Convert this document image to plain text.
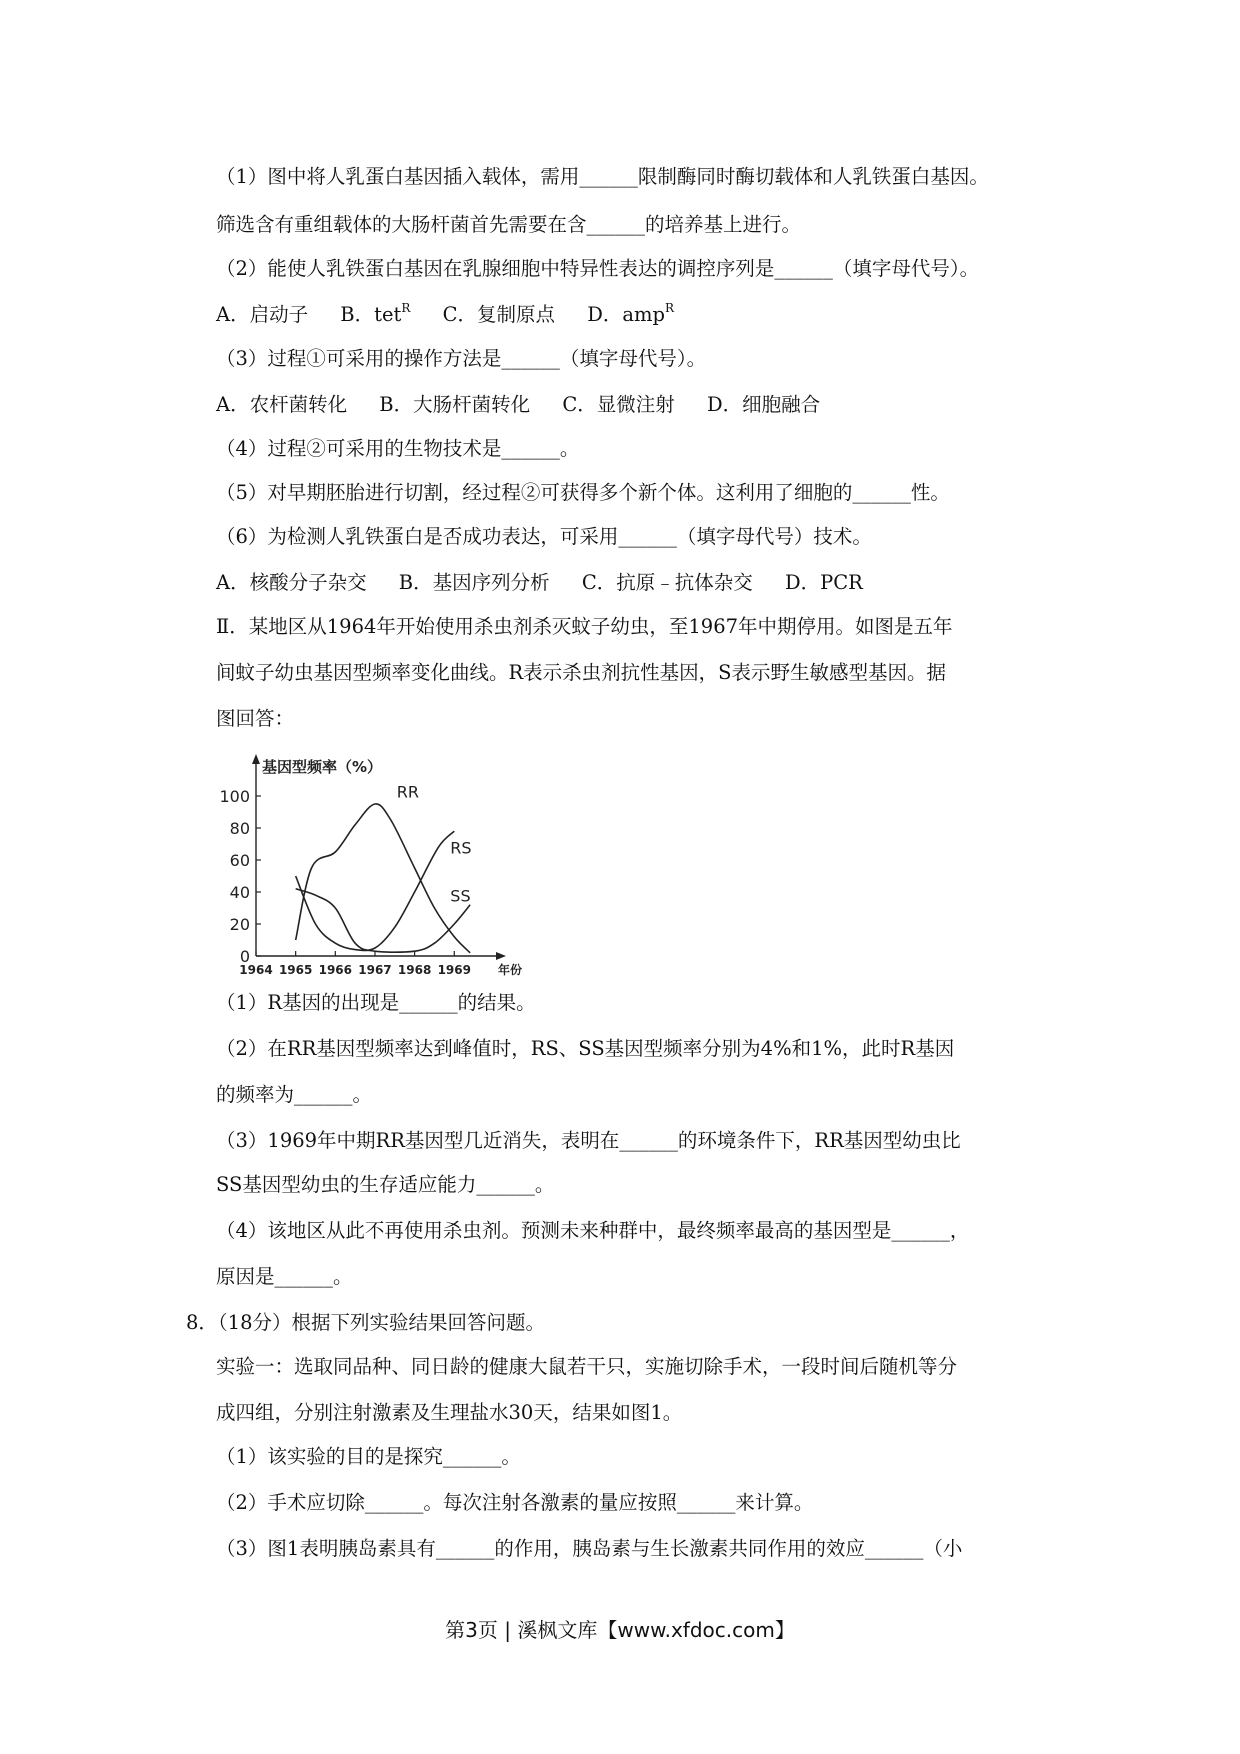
（1）图中将人乳蛋白基因插入载体，需用______限制酶同时酶切载体和人乳铁蛋白基因。
筛选含有重组载体的大肠杆菌首先需要在含______的培养基上进行。
（2）能使人乳铁蛋白基因在乳腺细胞中特异性表达的调控序列是______（填字母代号）。
A．启动子 B．tet$^R$ C．复制原点 D．amp$^R$
（3）过程①可采用的操作方法是______（填字母代号）。
A．农杆菌转化 B．大肠杆菌转化 C．显微注射 D．细胞融合
（4）过程②可采用的生物技术是______。
（5）对早期胚胎进行切割，经过程②可获得多个新个体。这利用了细胞的______性。
（6）为检测人乳铁蛋白是否成功表达，可采用______（填字母代号）技术。
A．核酸分子杂交 B．基因序列分析 C．抗原﹣抗体杂交 D．PCR
Ⅱ．某地区从1964年开始使用杀虫剂杀灭蚊子幼虫，至1967年中期停用。如图是五年
间蚊子幼虫基因型频率变化曲线。R表示杀虫剂抗性基因，S表示野生敏感型基因。据
图回答：
0
20
40
60
80
100
1964 1965 1966 1967 1968 1969 年份
基因型频率（%）
RR
RS
SS
（1）R基因的出现是______的结果。
（2）在RR基因型频率达到峰值时，RS、SS基因型频率分别为4%和1%，此时R基因
的频率为______。
（3）1969年中期RR基因型几近消失，表明在______的环境条件下，RR基因型幼虫比
SS基因型幼虫的生存适应能力______。
（4）该地区从此不再使用杀虫剂。预测未来种群中，最终频率最高的基因型是______，
原因是______。
8．（18分）根据下列实验结果回答问题。
实验一：选取同品种、同日龄的健康大鼠若干只，实施切除手术，一段时间后随机等分
成四组，分别注射激素及生理盐水30天，结果如图1。
（1）该实验的目的是探究______。
（2）手术应切除______。每次注射各激素的量应按照______来计算。
（3）图1表明胰岛素具有______的作用，胰岛素与生长激素共同作用的效应______（小
第3页 | 溪枫文库【www.xfdoc.com】
